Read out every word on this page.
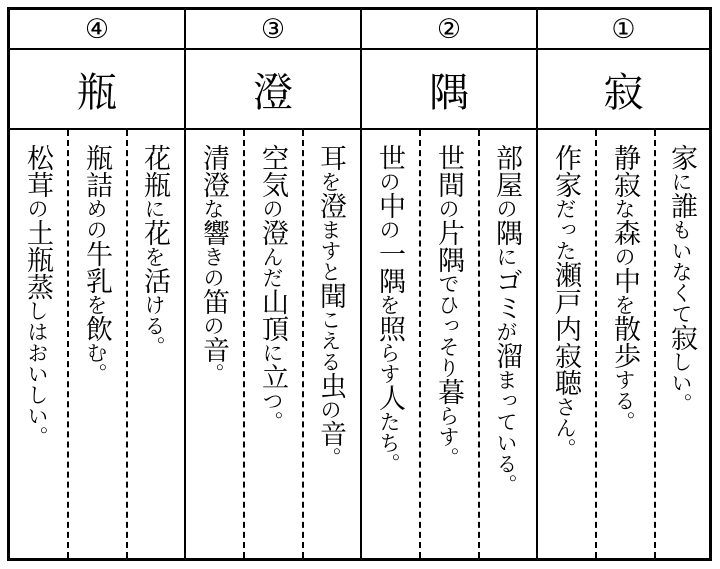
④
瓶
松茸の土瓶蒸しはおいしい。
瓶詰めの牛乳を飲む。
花瓶に花を活ける。
③
澄
清澄な響きの笛の音。
空気の澄んだ山頂に立つ。
耳を澄ますと聞こえる虫の音。
②
隅
世の中の一隅を照らす人たち。
世間の片隅でひっそり暮らす。
部屋の隅にゴミが溜まっている。
①
寂
作家だった瀬戸内寂聴さん。
静寂な森の中を散歩する。
家に誰もいなくて寂しい。
